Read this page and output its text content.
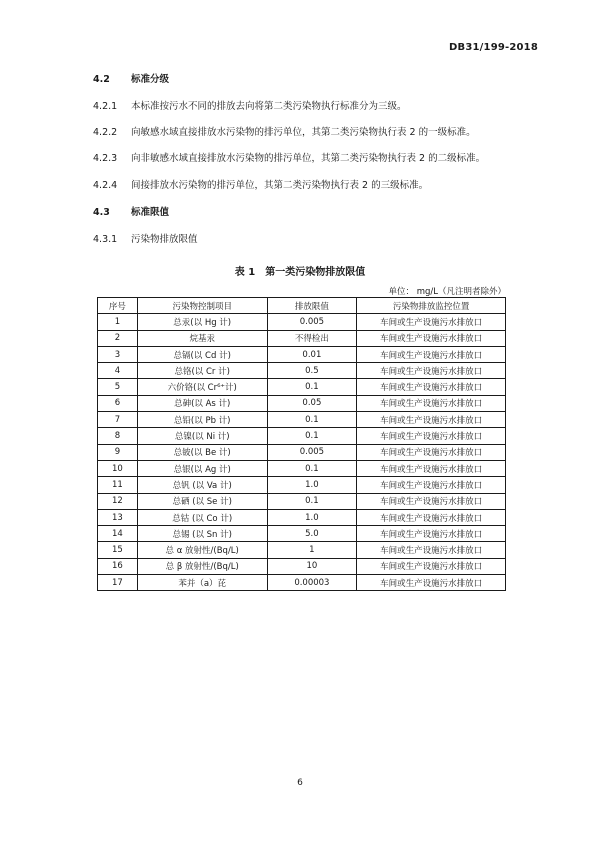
DB31/199-2018
4.2 标准分级
4.2.1 本标准按污水不同的排放去向将第二类污染物执行标准分为三级。
4.2.2 向敏感水域直接排放水污染物的排污单位，其第二类污染物执行表 2 的一级标准。
4.2.3 向非敏感水域直接排放水污染物的排污单位，其第二类污染物执行表 2 的二级标准。
4.2.4 间接排放水污染物的排污单位，其第二类污染物执行表 2 的三级标准。
4.3 标准限值
4.3.1 污染物排放限值
表 1　第一类污染物排放限值
单位： mg/L（凡注明者除外）
序号	污染物控制项目	排放限值	污染物排放监控位置
1	总汞(以 Hg 计)	0.005	车间或生产设施污水排放口
2	烷基汞	不得检出	车间或生产设施污水排放口
3	总镉(以 Cd 计)	0.01	车间或生产设施污水排放口
4	总铬(以 Cr 计)	0.5	车间或生产设施污水排放口
5	六价铬(以 Cr⁶⁺计)	0.1	车间或生产设施污水排放口
6	总砷(以 As 计)	0.05	车间或生产设施污水排放口
7	总铅(以 Pb 计)	0.1	车间或生产设施污水排放口
8	总镍(以 Ni 计)	0.1	车间或生产设施污水排放口
9	总铍(以 Be 计)	0.005	车间或生产设施污水排放口
10	总银(以 Ag 计)	0.1	车间或生产设施污水排放口
11	总钒 (以 Va 计)	1.0	车间或生产设施污水排放口
12	总硒 (以 Se 计)	0.1	车间或生产设施污水排放口
13	总钴 (以 Co 计)	1.0	车间或生产设施污水排放口
14	总锡 (以 Sn 计)	5.0	车间或生产设施污水排放口
15	总 α 放射性/(Bq/L)	1	车间或生产设施污水排放口
16	总 β 放射性/(Bq/L)	10	车间或生产设施污水排放口
17	苯并（a）芘	0.00003	车间或生产设施污水排放口
6
